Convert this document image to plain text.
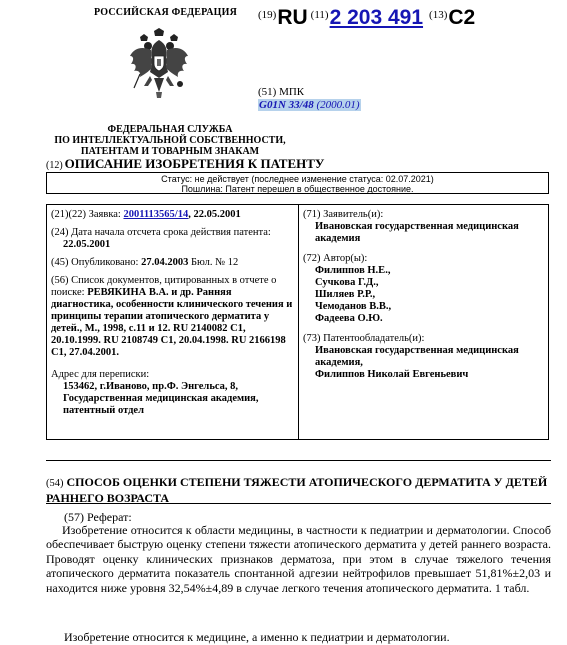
РОССИЙСКАЯ ФЕДЕРАЦИЯ
ФЕДЕРАЛЬНАЯ СЛУЖБА
ПО ИНТЕЛЛЕКТУАЛЬНОЙ СОБСТВЕННОСТИ,
ПАТЕНТАМ И ТОВАРНЫМ ЗНАКАМ
$^{(19)}$RU $^{(11)}$2 203 491 $^{(13)}$C2
(51) МПК
G01N 33/48 (2000.01)
(12) ОПИСАНИЕ ИЗОБРЕТЕНИЯ К ПАТЕНТУ
Статус: не действует (последнее изменение статуса: 02.07.2021)
Пошлина: Патент перешел в общественное достояние.
(21)(22) Заявка: 2001113565/14, 22.05.2001
(24) Дата начала отсчета срока действия патента:
22.05.2001
(45) Опубликовано: 27.04.2003 Бюл. № 12
(56) Список документов, цитированных в отчете о поиске: РЕВЯКИНА В.А. и др. Ранняя диагностика, особенности клинического течения и принципы терапии атопического дерматита у детей., М., 1998, с.11 и 12. RU 2140082 C1, 20.10.1999. RU 2108749 C1, 20.04.1998. RU 2166198 C1, 27.04.2001.
Адрес для переписки:
153462, г.Иваново, пр.Ф. Энгельса, 8, Государственная медицинская академия, патентный отдел
(71) Заявитель(и):
Ивановская государственная медицинская академия
(72) Автор(ы):
Филиппов Н.Е.,
Сучкова Г.Д.,
Шиляев Р.Р.,
Чемоданов В.В.,
Фадеева О.Ю.
(73) Патентообладатель(и):
Ивановская государственная медицинская академия,
Филиппов Николай Евгеньевич
(54) СПОСОБ ОЦЕНКИ СТЕПЕНИ ТЯЖЕСТИ АТОПИЧЕСКОГО ДЕРМАТИТА У ДЕТЕЙ РАННЕГО ВОЗРАСТА
(57) Реферат:
Изобретение относится к области медицины, в частности к педиатрии и дерматологии. Способ обеспечивает быструю оценку степени тяжести атопического дерматита у детей раннего возраста. Проводят оценку клинических признаков дерматоза, при этом в случае тяжелого течения атопического дерматита показатель спонтанной адгезии нейтрофилов превышает 51,81%±2,03 и находится ниже уровня 32,54%±4,89 в случае легкого течения атопического дерматита. 1 табл.
Изобретение относится к медицине, а именно к педиатрии и дерматологии.
